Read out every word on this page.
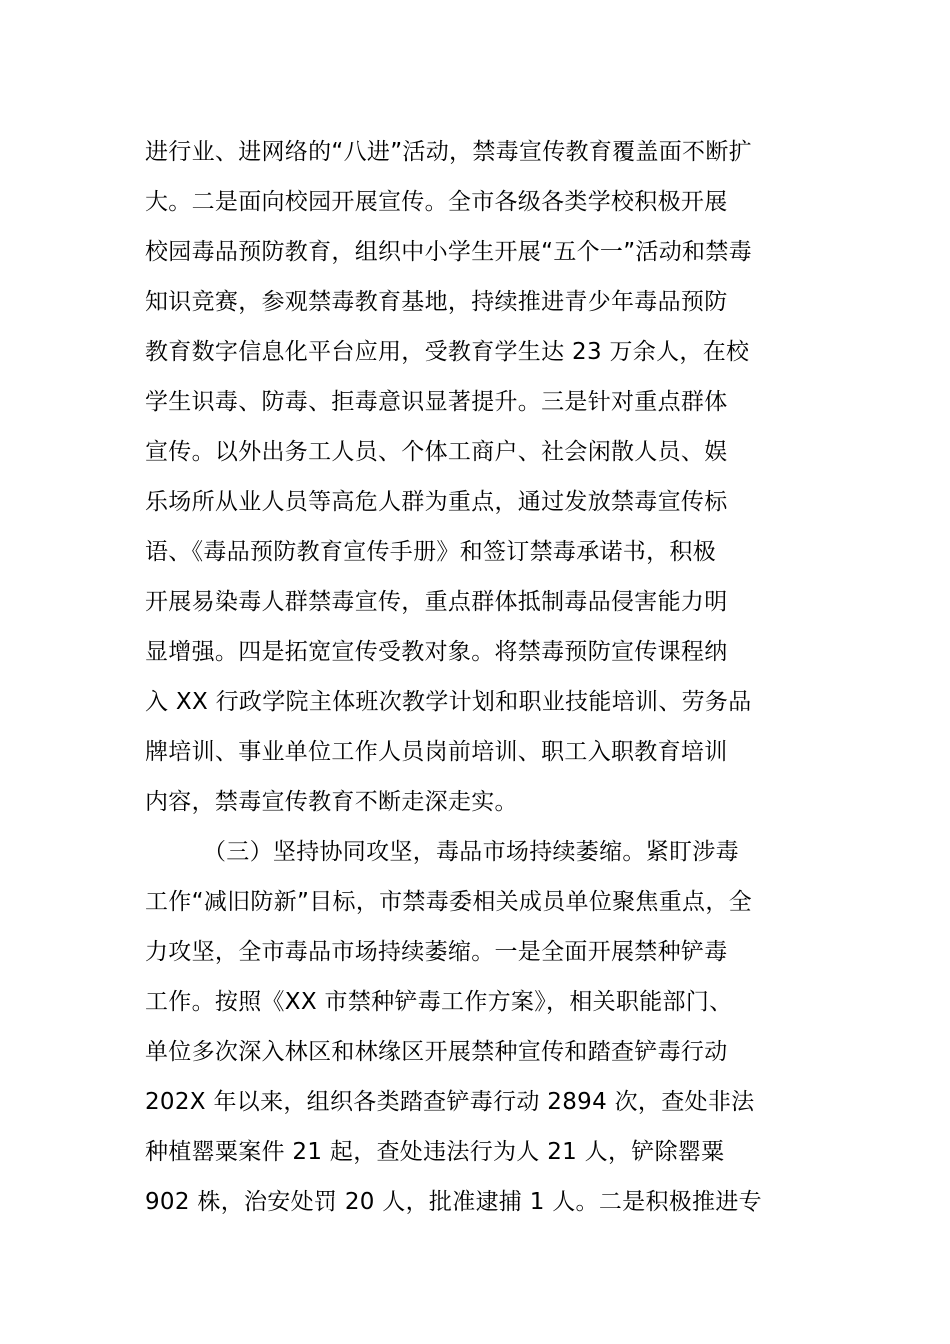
进行业、进网络的“八进”活动，禁毒宣传教育覆盖面不断扩
大。二是面向校园开展宣传。全市各级各类学校积极开展
校园毒品预防教育，组织中小学生开展“五个一”活动和禁毒
知识竞赛，参观禁毒教育基地，持续推进青少年毒品预防
教育数字信息化平台应用，受教育学生达 23 万余人，在校
学生识毒、防毒、拒毒意识显著提升。三是针对重点群体
宣传。以外出务工人员、个体工商户、社会闲散人员、娱
乐场所从业人员等高危人群为重点，通过发放禁毒宣传标
语、《毒品预防教育宣传手册》和签订禁毒承诺书，积极
开展易染毒人群禁毒宣传，重点群体抵制毒品侵害能力明
显增强。四是拓宽宣传受教对象。将禁毒预防宣传课程纳
入 XX 行政学院主体班次教学计划和职业技能培训、劳务品
牌培训、事业单位工作人员岗前培训、职工入职教育培训
内容，禁毒宣传教育不断走深走实。
（三）坚持协同攻坚，毒品市场持续萎缩。紧盯涉毒
工作“减旧防新”目标，市禁毒委相关成员单位聚焦重点，全
力攻坚，全市毒品市场持续萎缩。一是全面开展禁种铲毒
工作。按照《XX 市禁种铲毒工作方案》，相关职能部门、
单位多次深入林区和林缘区开展禁种宣传和踏查铲毒行动
202X 年以来，组织各类踏查铲毒行动 2894 次，查处非法
种植罂粟案件 21 起，查处违法行为人 21 人，铲除罂粟
902 株，治安处罚 20 人，批准逮捕 1 人。二是积极推进专
